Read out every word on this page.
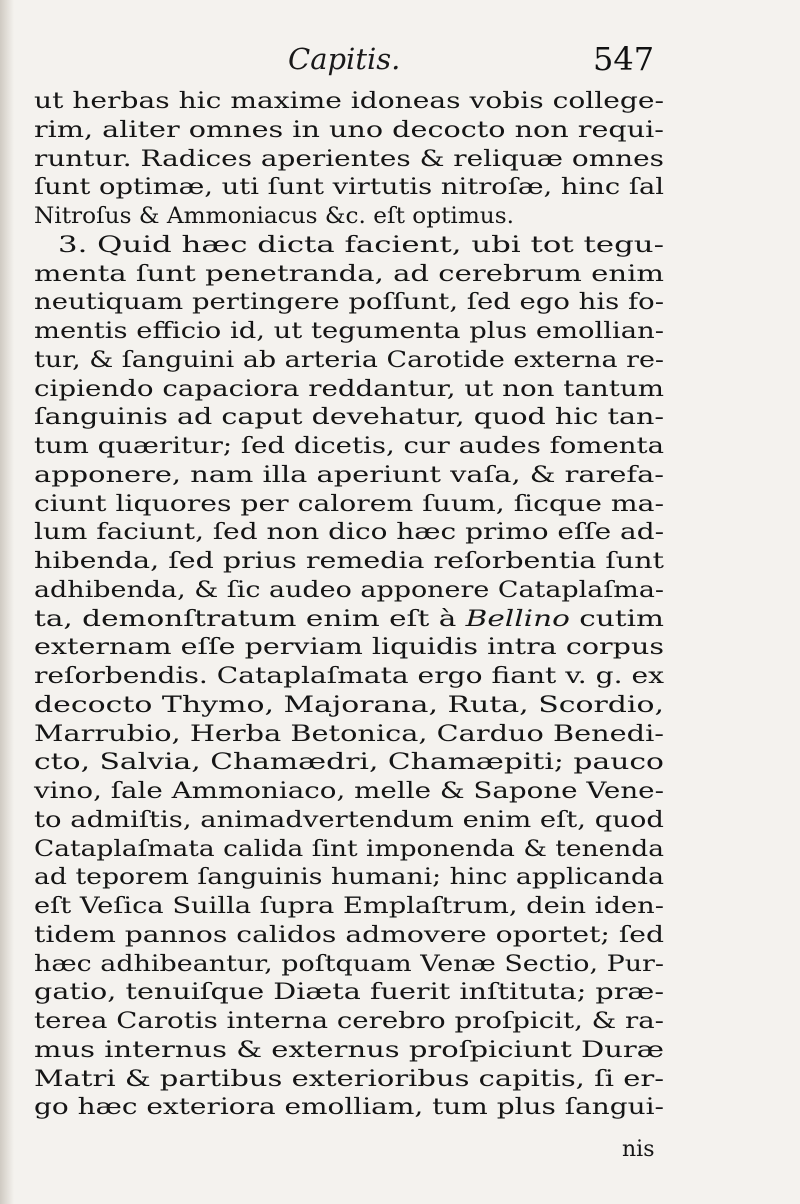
Capitis.	547
ut herbas hic maxime idoneas vobis college-
rim, aliter omnes in uno decocto non requi-
runtur. Radices aperientes & reliquæ omnes
ſunt optimæ, uti ſunt virtutis nitroſæ, hinc ſal
Nitroſus & Ammoniacus &c. eſt optimus.
3. Quid hæc dicta facient, ubi tot tegu-
menta ſunt penetranda, ad cerebrum enim
neutiquam pertingere poſſunt, ſed ego his fo-
mentis efficio id, ut tegumenta plus emollian-
tur, & ſanguini ab arteria Carotide externa re-
cipiendo capaciora reddantur, ut non tantum
ſanguinis ad caput devehatur, quod hic tan-
tum quæritur; ſed dicetis, cur audes fomenta
apponere, nam illa aperiunt vaſa, & rarefa-
ciunt liquores per calorem ſuum, ſicque ma-
lum faciunt, ſed non dico hæc primo eſſe ad-
hibenda, ſed prius remedia reſorbentia ſunt
adhibenda, & ſic audeo apponere Cataplaſma-
ta, demonſtratum enim eſt à Bellino cutim
externam eſſe perviam liquidis intra corpus
reſorbendis. Cataplaſmata ergo fiant v. g. ex
decocto Thymo, Majorana, Ruta, Scordio,
Marrubio, Herba Betonica, Carduo Benedi-
cto, Salvia, Chamædri, Chamæpiti; pauco
vino, ſale Ammoniaco, melle & Sapone Vene-
to admiſtis, animadvertendum enim eſt, quod
Cataplaſmata calida ſint imponenda & tenenda
ad teporem ſanguinis humani; hinc applicanda
eſt Veſica Suilla ſupra Emplaſtrum, dein iden-
tidem pannos calidos admovere oportet; ſed
hæc adhibeantur, poſtquam Venæ Sectio, Pur-
gatio, tenuiſque Diæta fuerit inſtituta; præ-
terea Carotis interna cerebro proſpicit, & ra-
mus internus & externus proſpiciunt Duræ
Matri & partibus exterioribus capitis, ſi er-
go hæc exteriora emolliam, tum plus ſangui-
nis
